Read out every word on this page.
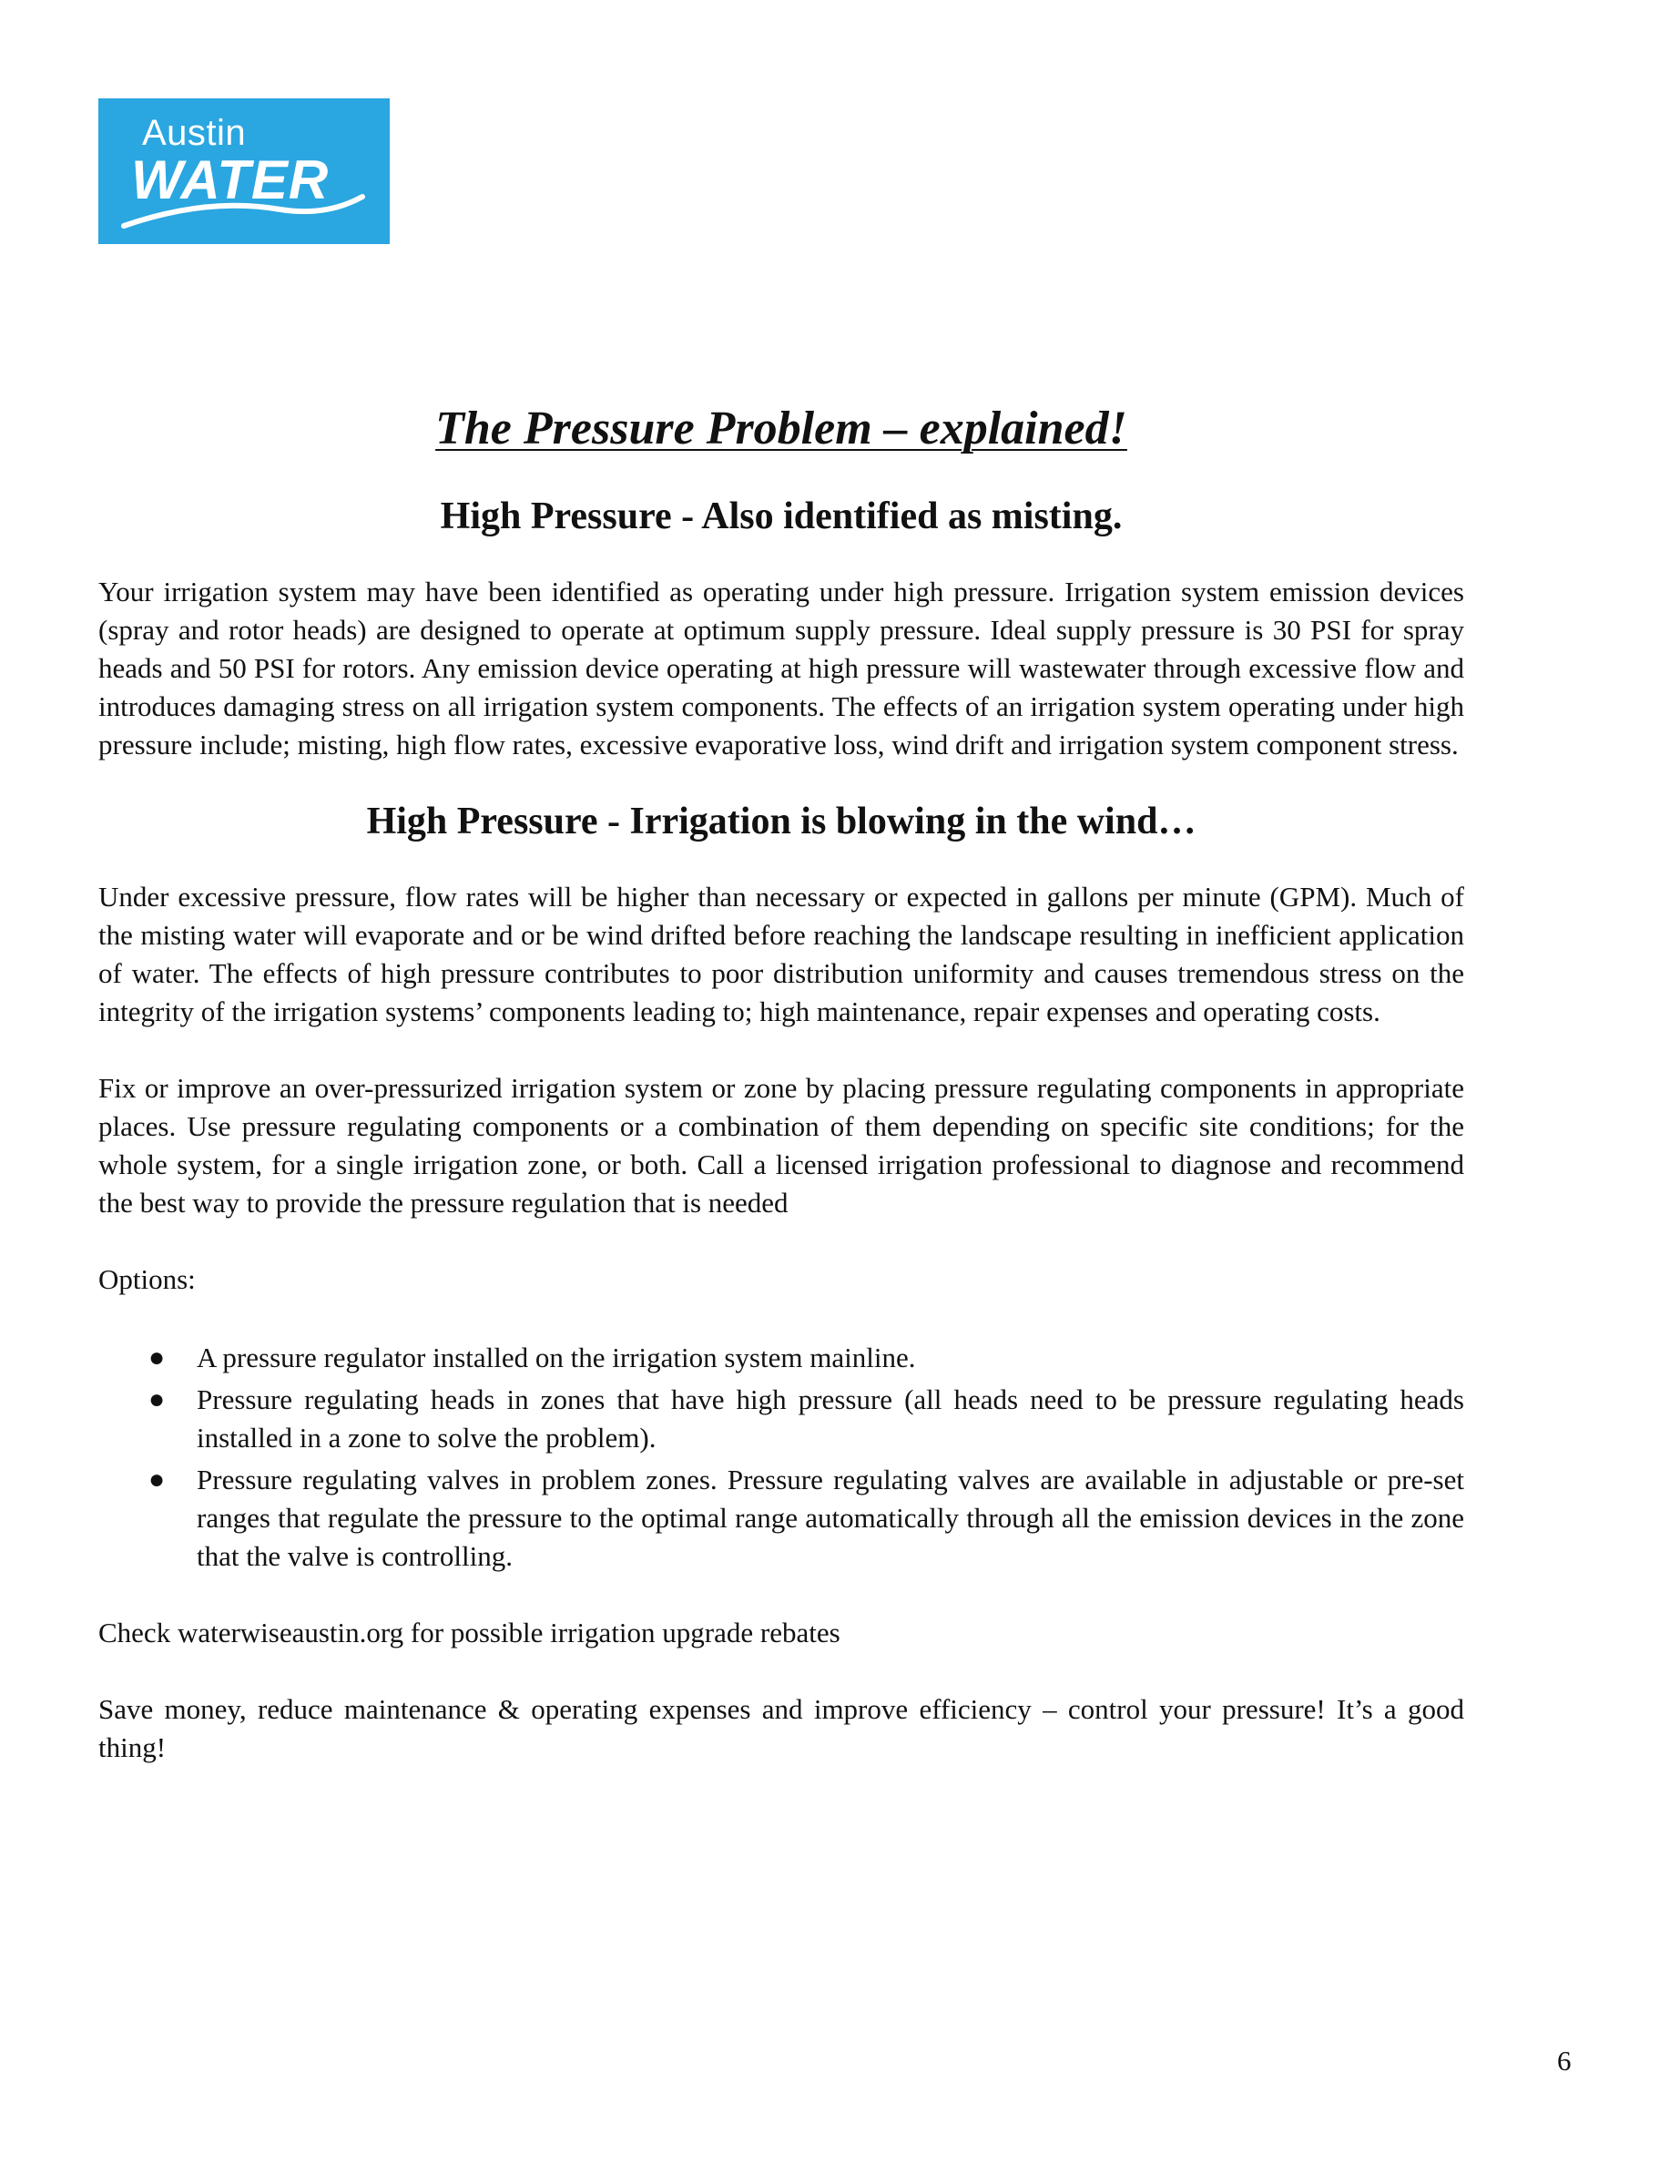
Austin
WATER
The Pressure Problem – explained!
High Pressure - Also identified as misting.

Your irrigation system may have been identified as operating under high pressure. Irrigation system emission devices (spray and rotor heads) are designed to operate at optimum supply pressure. Ideal supply pressure is 30 PSI for spray heads and 50 PSI for rotors. Any emission device operating at high pressure will wastewater through excessive flow and introduces damaging stress on all irrigation system components. The effects of an irrigation system operating under high pressure include; misting, high flow rates, excessive evaporative loss, wind drift and irrigation system component stress.

High Pressure - Irrigation is blowing in the wind…

Under excessive pressure, flow rates will be higher than necessary or expected in gallons per minute (GPM). Much of the misting water will evaporate and or be wind drifted before reaching the landscape resulting in inefficient application of water. The effects of high pressure contributes to poor distribution uniformity and causes tremendous stress on the integrity of the irrigation systems’ components leading to; high maintenance, repair expenses and operating costs.

Fix or improve an over-pressurized irrigation system or zone by placing pressure regulating components in appropriate places. Use pressure regulating components or a combination of them depending on specific site conditions; for the whole system, for a single irrigation zone, or both. Call a licensed irrigation professional to diagnose and recommend the best way to provide the pressure regulation that is needed

Options:

● A pressure regulator installed on the irrigation system mainline.
● Pressure regulating heads in zones that have high pressure (all heads need to be pressure regulating heads installed in a zone to solve the problem).
● Pressure regulating valves in problem zones. Pressure regulating valves are available in adjustable or pre-set ranges that regulate the pressure to the optimal range automatically through all the emission devices in the zone that the valve is controlling.

Check waterwiseaustin.org for possible irrigation upgrade rebates

Save money, reduce maintenance & operating expenses and improve efficiency – control your pressure! It’s a good thing!

6
